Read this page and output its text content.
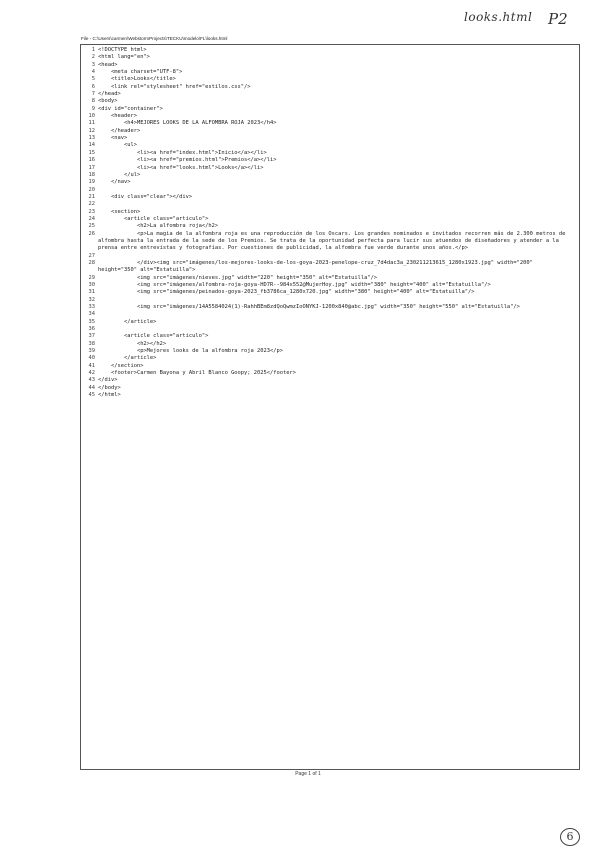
looks.html P2
File - C:\Users\carmen\WebstormProjects\TECKU\modelo\FL\looks.html
1 <!DOCTYPE html>
2 <html lang="en">
3 <head>
4 <meta charset="UTF-8">
5 <title>Looks</title>
6 <link rel="stylesheet" href="estilos.css"/>
7 </head>
8 <body>
9 <div id="container">
10 <header>
11 <h4>MEJORES LOOKS DE LA ALFOMBRA ROJA 2023</h4>
12 </header>
13 <nav>
14 <ul>
15 <li><a href="index.html">Inicio</a></li>
16 <li><a href="premios.html">Premios</a></li>
17 <li><a href="looks.html">Looks</a></li>
18 </ul>
19 </nav>
20
21 <div class="clear"></div>
22
23 <section>
24 <article class="articulo">
25 <h2>La alfombra roja</h2>
26 <p>La magia de la alfombra roja es una reproducción de los Oscars. Los grandes nominados e invitados recorren más de 2.300 metros de alfombra hasta la entrada de la sede de los Premios. Se trata de la oportunidad perfecta para lucir sus atuendos de diseñadores y atender a la prensa entre entrevistas y fotografías. Por cuestiones de publicidad, la alfombra fue verde durante unos años.</p>
27
28 </div><img src="imágenes/los-mejores-looks-de-los-goya-2023-penelope-cruz_7d4dac3a_230211213615_1280x1923.jpg" width="200" height="350" alt="Estatuilla">
29 <img src="imágenes/nieves.jpg" width="220" height="350" alt="Estatuilla"/>
30 <img src="imágenes/alfombra-roja-goya-HD7R--984x552@MujerHoy.jpg" width="380" height="400" alt="Estatuilla"/>
31 <img src="imágenes/peinados-goya-2023_fb3786ca_1280x720.jpg" width="380" height="400" alt="Estatuilla"/>
32
33 <img src="imágenes/14A5584024(1)-RahhBEm8zdQoQwmzIoONYKJ-1200x840@abc.jpg" width="350" height="550" alt="Estatuilla"/>
34
35 </article>
36
37 <article class="articulo">
38 <h2></h2>
39 <p>Mejores looks de la alfombra roja 2023</p>
40 </article>
41 </section>
42 <footer>Carmen Bayona y Abril Blanco Goopy; 2025</footer>
43 </div>
44 </body>
45 </html>
Page 1 of 1
6
